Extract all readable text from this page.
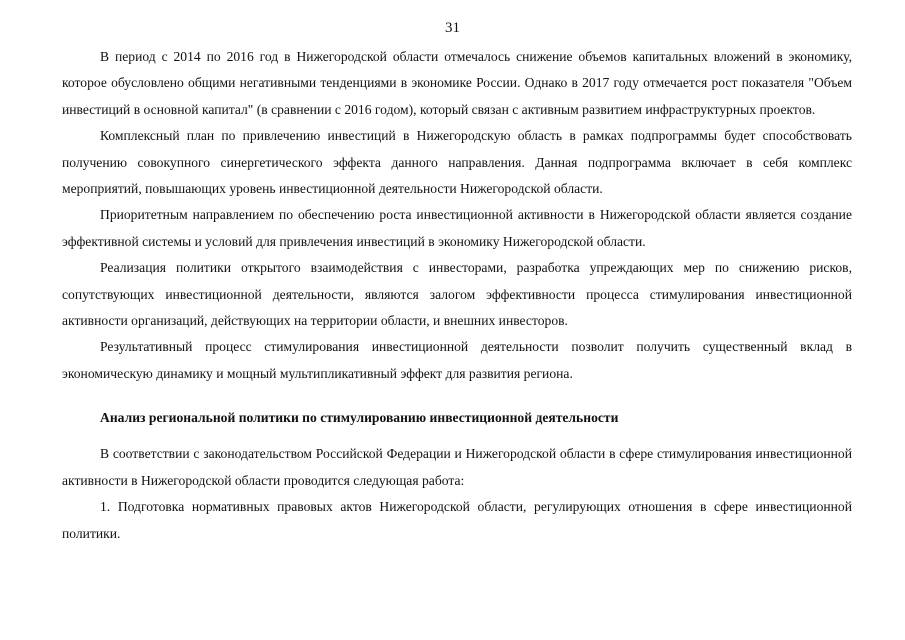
31

В период с 2014 по 2016 год в Нижегородской области отмечалось снижение объемов капитальных вложений в экономику, которое обусловлено общими негативными тенденциями в экономике России. Однако в 2017 году отмечается рост показателя "Объем инвестиций в основной капитал" (в сравнении с 2016 годом), который связан с активным развитием инфраструктурных проектов.

Комплексный план по привлечению инвестиций в Нижегородскую область в рамках подпрограммы будет способствовать получению совокупного синергетического эффекта данного направления. Данная подпрограмма включает в себя комплекс мероприятий, повышающих уровень инвестиционной деятельности Нижегородской области.

Приоритетным направлением по обеспечению роста инвестиционной активности в Нижегородской области является создание эффективной системы и условий для привлечения инвестиций в экономику Нижегородской области.

Реализация политики открытого взаимодействия с инвесторами, разработка упреждающих мер по снижению рисков, сопутствующих инвестиционной деятельности, являются залогом эффективности процесса стимулирования инвестиционной активности организаций, действующих на территории области, и внешних инвесторов.

Результативный процесс стимулирования инвестиционной деятельности позволит получить существенный вклад в экономическую динамику и мощный мультипликативный эффект для развития региона.

Анализ региональной политики по стимулированию инвестиционной деятельности

В соответствии с законодательством Российской Федерации и Нижегородской области в сфере стимулирования инвестиционной активности в Нижегородской области проводится следующая работа:

1. Подготовка нормативных правовых актов Нижегородской области, регулирующих отношения в сфере инвестиционной политики.
